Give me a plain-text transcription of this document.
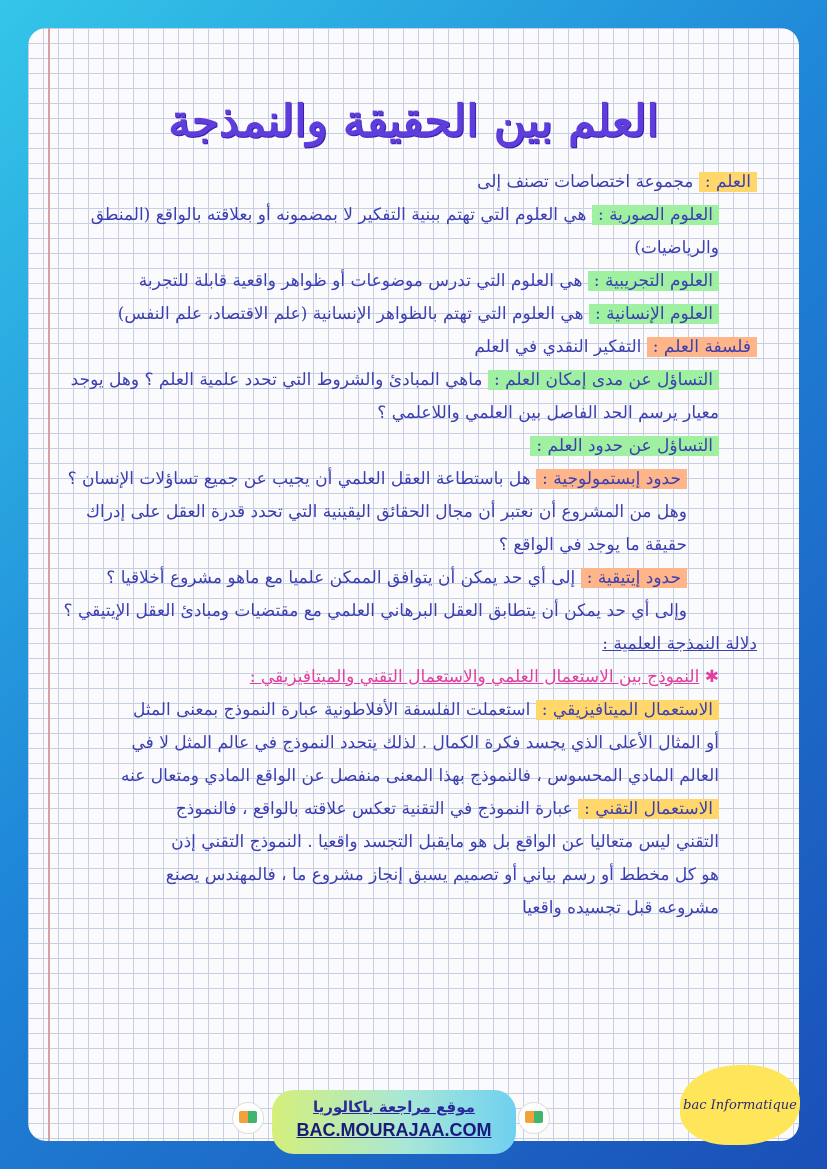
العلم بين الحقيقة والنمذجة
العلم : مجموعة اختصاصات تصنف إلى
العلوم الصورية : هي العلوم التي تهتم ببنية التفكير لا بمضمونه أو بعلاقته بالواقع (المنطق
والرياضيات)
العلوم التجريبية : هي العلوم التي تدرس موضوعات أو ظواهر واقعية قابلة للتجربة
العلوم الإنسانية : هي العلوم التي تهتم بالظواهر الإنسانية (علم الاقتصاد، علم النفس)
فلسفة العلم : التفكير النقدي في العلم
التساؤل عن مدى إمكان العلم : ماهي المبادئ والشروط التي تحدد علمية العلم ؟ وهل يوجد
معيار يرسم الحد الفاصل بين العلمي واللاعلمي ؟
التساؤل عن حدود العلم :
حدود إبستمولوجية : هل باستطاعة العقل العلمي أن يجيب عن جميع تساؤلات الإنسان ؟
وهل من المشروع أن نعتبر أن مجال الحقائق اليقينية التي تحدد قدرة العقل على إدراك
حقيقة ما يوجد في الواقع ؟
حدود إيتيقية : إلى أي حد يمكن أن يتوافق الممكن علميا مع ماهو مشروع أخلاقيا ؟
وإلى أي حد يمكن أن يتطابق العقل البرهاني العلمي مع مقتضيات ومبادئ العقل الإيتيقي ؟
دلالة النمذجة العلمية :
✱ النموذج بين الاستعمال العلمي والاستعمال التقني والميتافيزيقي :
الاستعمال الميتافيزيقي : استعملت الفلسفة الأفلاطونية عبارة النموذج بمعنى المثل
أو المثال الأعلى الذي يجسد فكرة الكمال . لذلك يتحدد النموذج في عالم المثل لا في
العالم المادي المحسوس ، فالنموذج بهذا المعنى منفصل عن الواقع المادي ومتعال عنه
الاستعمال التقني : عبارة النموذج في التقنية تعكس علاقته بالواقع ، فالنموذج
التقني ليس متعاليا عن الواقع بل هو مايقبل التجسد واقعيا . النموذج التقني إذن
هو كل مخطط أو رسم بياني أو تصميم يسبق إنجاز مشروع ما ، فالمهندس يصنع
مشروعه قبل تجسيده واقعيا
موقع مراجعة باكالوريا
BAC.MOURAJAA.COM
bac Informatique
